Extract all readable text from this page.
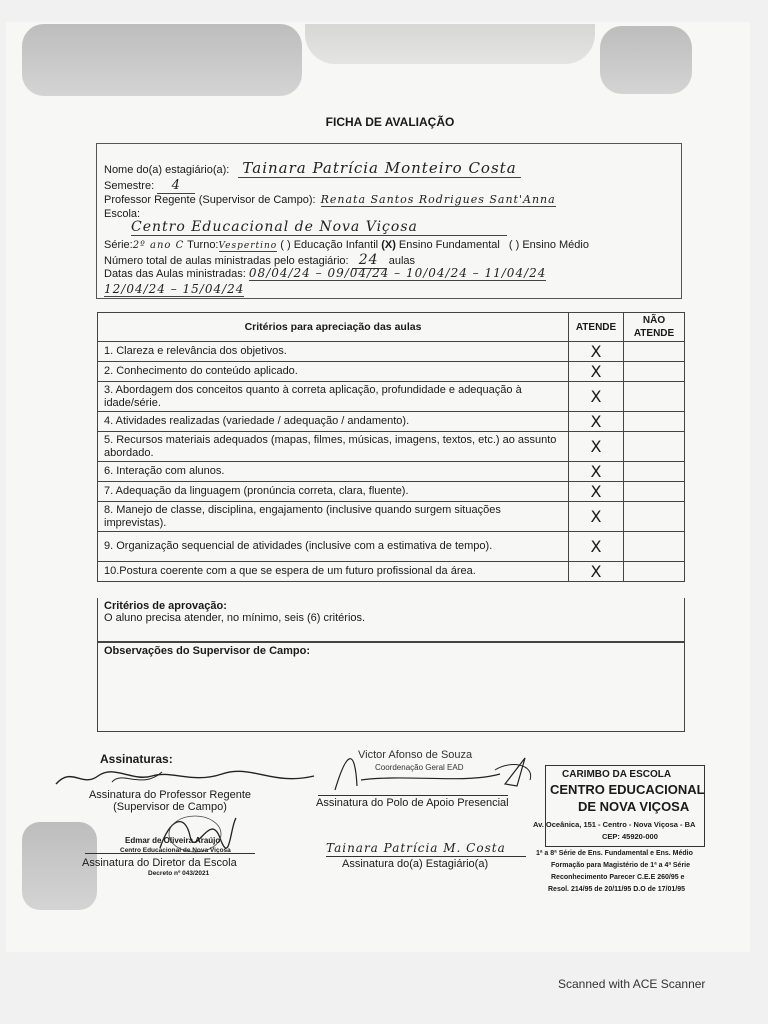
FICHA DE AVALIAÇÃO
Nome do(a) estagiário(a): Tainara Patrícia Monteiro Costa
Semestre: 4
Professor Regente (Supervisor de Campo): Renata Santos Rodrigues Sant'Anna
Escola:
Centro Educacional de Nova Viçosa
Série:2º ano C Turno:Vespertino ( ) Educação Infantil (X) Ensino Fundamental ( ) Ensino Médio
Número total de aulas ministradas pelo estagiário: 24 aulas
Datas das Aulas ministradas: 08/04/24 – 09/04/24 – 10/04/24 – 11/04/24
12/04/24 – 15/04/24
Critérios para apreciação das aulas	ATENDE	NÃO ATENDE
1. Clareza e relevância dos objetivos.	X	
2. Conhecimento do conteúdo aplicado.	X	
3. Abordagem dos conceitos quanto à correta aplicação, profundidade e adequação à idade/série.	X	
4. Atividades realizadas (variedade / adequação / andamento).	X	
5. Recursos materiais adequados (mapas, filmes, músicas, imagens, textos, etc.) ao assunto abordado.	X	
6. Interação com alunos.	X	
7. Adequação da linguagem (pronúncia correta, clara, fluente).	X	
8. Manejo de classe, disciplina, engajamento (inclusive quando surgem situações imprevistas).	X	
9. Organização sequencial de atividades (inclusive com a estimativa de tempo).	X	
10.Postura coerente com a que se espera de um futuro profissional da área.	X	
Critérios de aprovação:
O aluno precisa atender, no mínimo, seis (6) critérios.
Observações do Supervisor de Campo:
Assinaturas:
Assinatura do Professor Regente
(Supervisor de Campo)
Edmar de Oliveira Araújo
Centro Educacional de Nova Viçosa
Decreto nº 043/2021
Assinatura do Diretor da Escola
Victor Afonso de Souza
Coordenação Geral EAD
Assinatura do Polo de Apoio Presencial
Tainara Patrícia M. Costa
Assinatura do(a) Estagiário(a)
CARIMBO DA ESCOLA
CENTRO EDUCACIONAL
DE NOVA VIÇOSA
Av. Oceânica, 151 - Centro - Nova Viçosa - BA
CEP: 45920-000
1ª a 8ª Série de Ens. Fundamental e Ens. Médio
Formação para Magistério de 1ª a 4ª Série
Reconhecimento Parecer C.E.E 260/95 e
Resol. 214/95 de 20/11/95 D.O de 17/01/95
Scanned with ACE Scanner
